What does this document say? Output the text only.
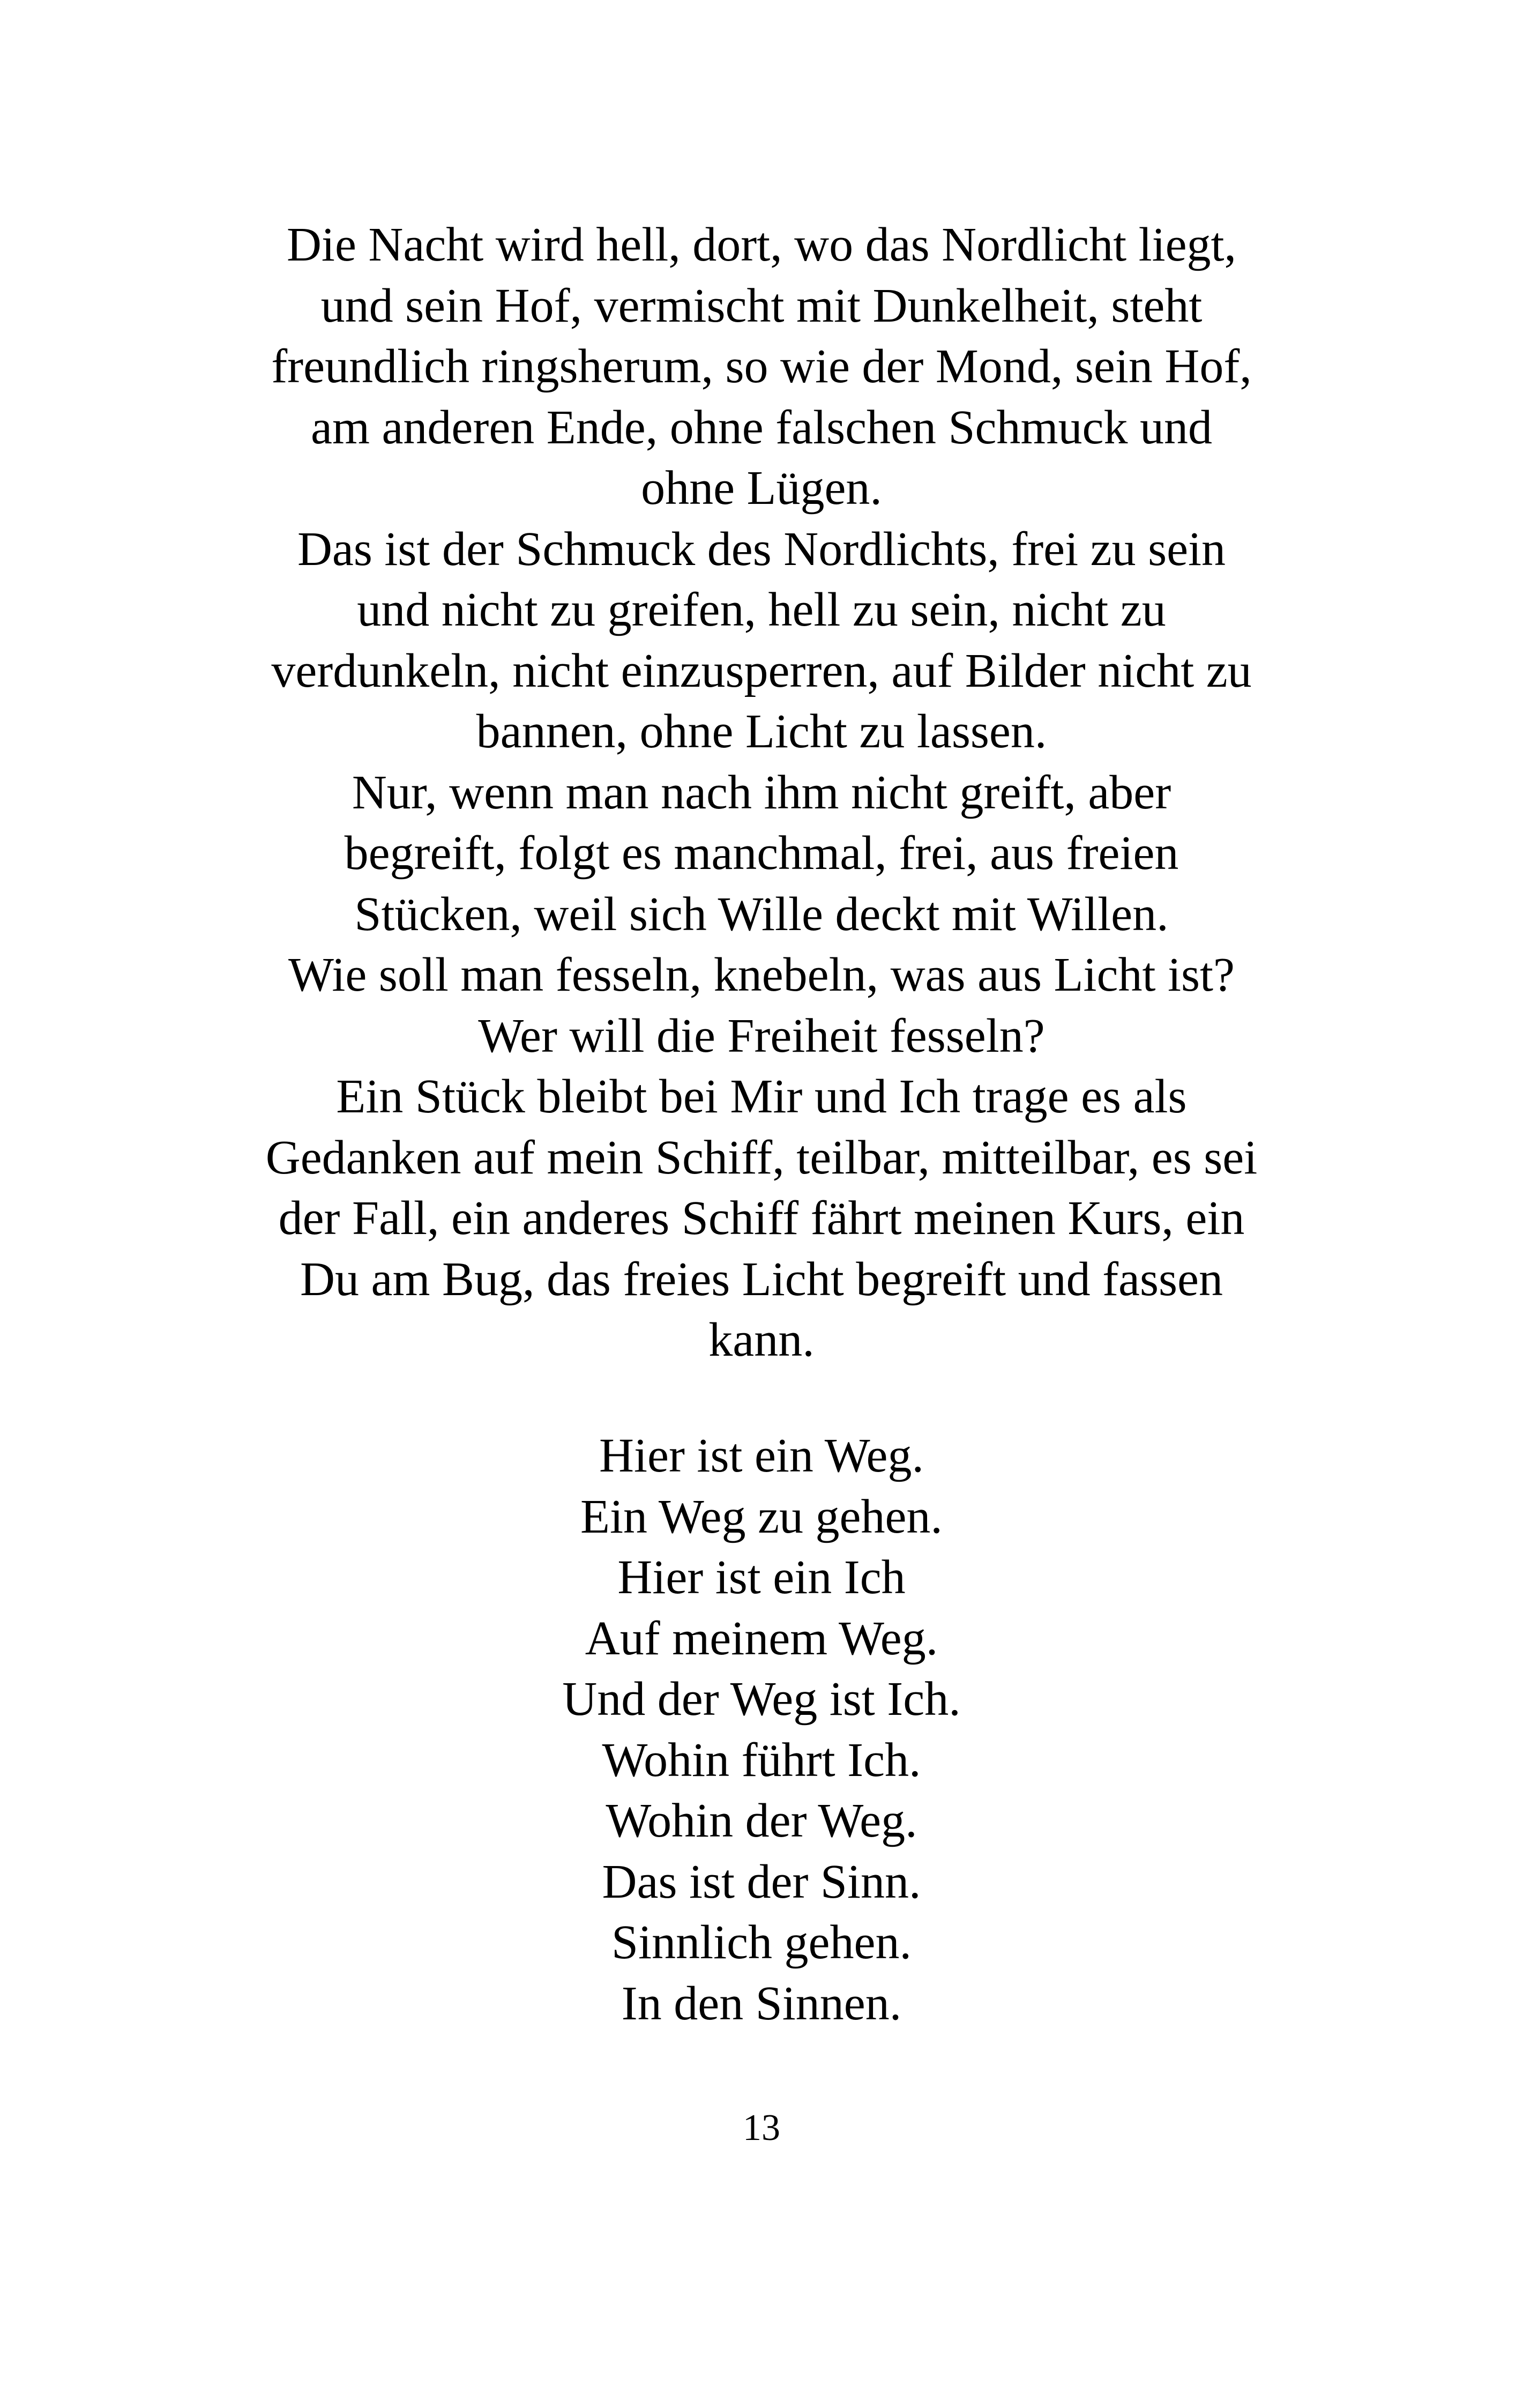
Die Nacht wird hell, dort, wo das Nordlicht liegt,
und sein Hof, vermischt mit Dunkelheit, steht
freundlich ringsherum, so wie der Mond, sein Hof,
am anderen Ende, ohne falschen Schmuck und
ohne Lügen.
Das ist der Schmuck des Nordlichts, frei zu sein
und nicht zu greifen, hell zu sein, nicht zu
verdunkeln, nicht einzusperren, auf Bilder nicht zu
bannen, ohne Licht zu lassen.
Nur, wenn man nach ihm nicht greift, aber
begreift, folgt es manchmal, frei, aus freien
Stücken, weil sich Wille deckt mit Willen.
Wie soll man fesseln, knebeln, was aus Licht ist?
Wer will die Freiheit fesseln?
Ein Stück bleibt bei Mir und Ich trage es als
Gedanken auf mein Schiff, teilbar, mitteilbar, es sei
der Fall, ein anderes Schiff fährt meinen Kurs, ein
Du am Bug, das freies Licht begreift und fassen
kann.
Hier ist ein Weg.
Ein Weg zu gehen.
Hier ist ein Ich
Auf meinem Weg.
Und der Weg ist Ich.
Wohin führt Ich.
Wohin der Weg.
Das ist der Sinn.
Sinnlich gehen.
In den Sinnen.
13
